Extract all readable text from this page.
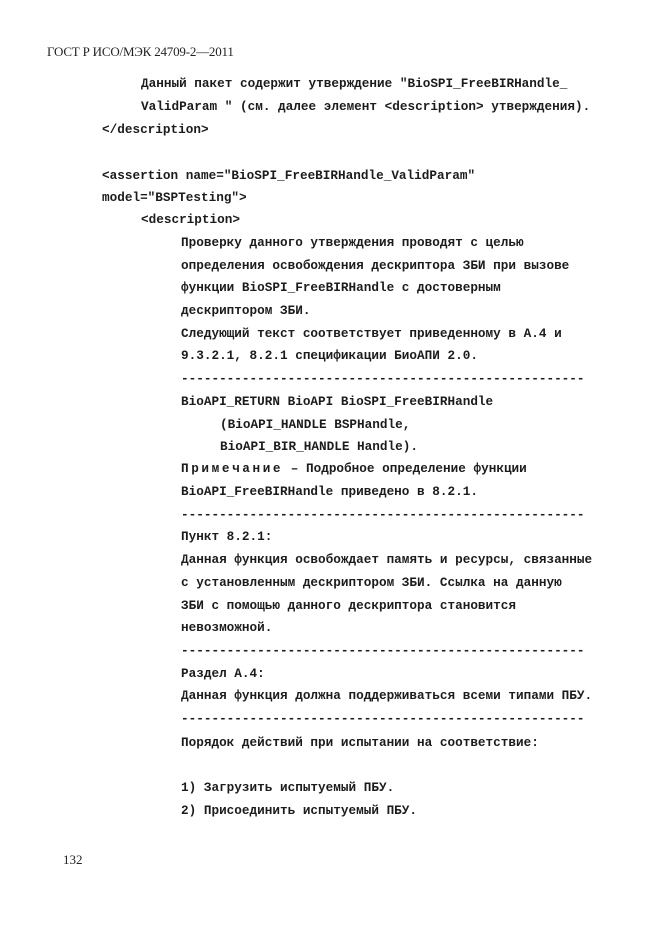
ГОСТ Р ИСО/МЭК 24709-2—2011
Данный пакет содержит утверждение "BioSPI_FreeBIRHandle_
ValidParam " (см. далее элемент <description> утверждения).
</description>
<assertion name="BioSPI_FreeBIRHandle_ValidParam"
model="BSPTesting">
<description>
Проверку данного утверждения проводят с целью
определения освобождения дескриптора ЗБИ при вызове
функции BioSPI_FreeBIRHandle с достоверным
дескриптором ЗБИ.
Следующий текст соответствует приведенному в А.4 и
9.3.2.1, 8.2.1 спецификации БиоАПИ 2.0.
-----------------------------------------------------
BioAPI_RETURN BioAPI BioSPI_FreeBIRHandle
(BioAPI_HANDLE BSPHandle,
BioAPI_BIR_HANDLE Handle).
Примечание – Подробное определение функции
BioAPI_FreeBIRHandle приведено в 8.2.1.
-----------------------------------------------------
Пункт 8.2.1:
Данная функция освобождает память и ресурсы, связанные
с установленным дескриптором ЗБИ. Ссылка на данную
ЗБИ с помощью данного дескриптора становится
невозможной.
-----------------------------------------------------
Раздел А.4:
Данная функция должна поддерживаться всеми типами ПБУ.
-----------------------------------------------------
Порядок действий при испытании на соответствие:
1) Загрузить испытуемый ПБУ.
2) Присоединить испытуемый ПБУ.
132
